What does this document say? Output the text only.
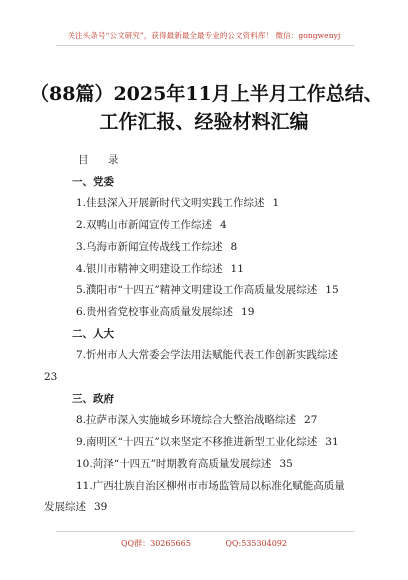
关注头条号“公文研究”，获得最新最全最专业的公文资料库！ 微信：gongwenyj
（88篇）2025年11月上半月工作总结、
工作汇报、经验材料汇编
目 录
一、党委
1.佳县深入开展新时代文明实践工作综述 1
2.双鸭山市新闻宣传工作综述 4
3.乌海市新闻宣传战线工作综述 8
4.银川市精神文明建设工作综述 11
5.濮阳市“十四五”精神文明建设工作高质量发展综述 15
6.贵州省党校事业高质量发展综述 19
二、人大
7.忻州市人大常委会学法用法赋能代表工作创新实践综述
23
三、政府
8.拉萨市深入实施城乡环境综合大整治战略综述 27
9.南明区“十四五”以来坚定不移推进新型工业化综述 31
10.菏泽“十四五”时期教育高质量发展综述 35
11.广西壮族自治区柳州市市场监管局以标准化赋能高质量
发展综述 39
QQ群：30265665	QQ:535304092
